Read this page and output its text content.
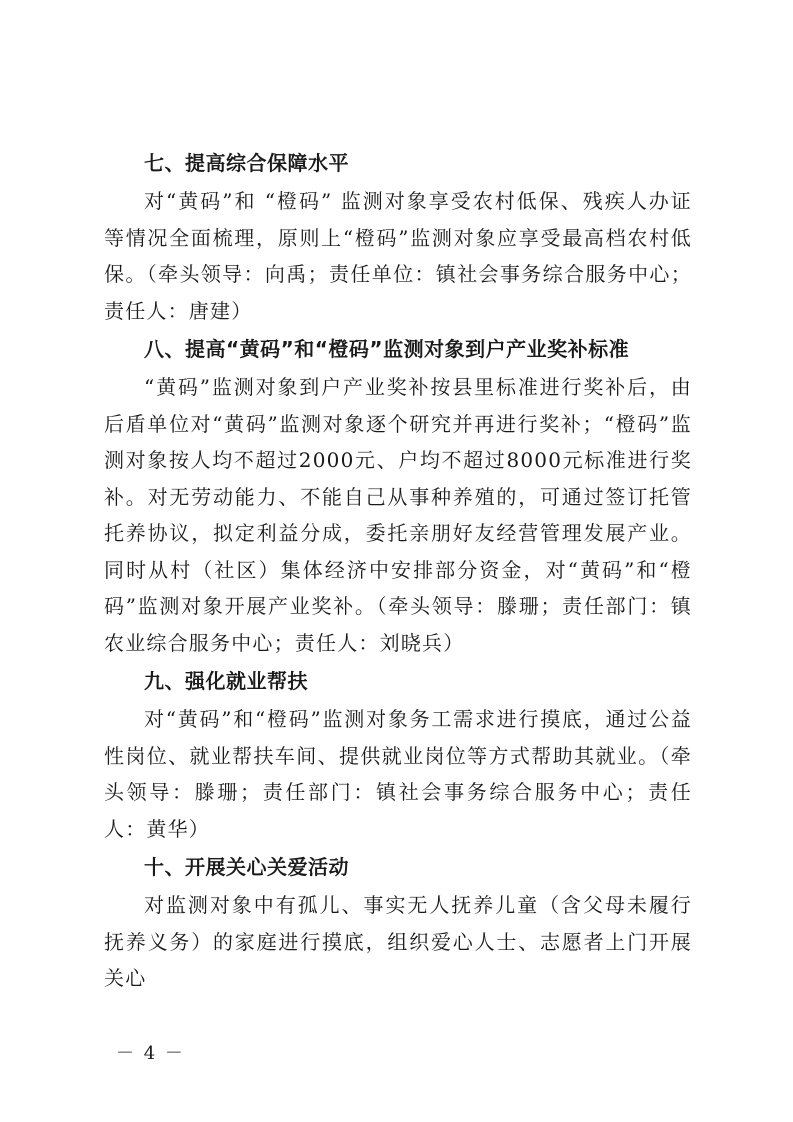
七、提高综合保障水平

对“黄码”和 “橙码” 监测对象享受农村低保、残疾人办证等情况全面梳理，原则上“橙码”监测对象应享受最高档农村低保。（牵头领导：向禹；责任单位：镇社会事务综合服务中心；责任人：唐建）

八、提高“黄码”和“橙码”监测对象到户产业奖补标准

“黄码”监测对象到户产业奖补按县里标准进行奖补后，由后盾单位对“黄码”监测对象逐个研究并再进行奖补；“橙码”监测对象按人均不超过2000元、户均不超过8000元标准进行奖补。对无劳动能力、不能自己从事种养殖的，可通过签订托管托养协议，拟定利益分成，委托亲朋好友经营管理发展产业。同时从村（社区）集体经济中安排部分资金，对“黄码”和“橙码”监测对象开展产业奖补。（牵头领导：滕珊；责任部门：镇农业综合服务中心；责任人：刘晓兵）

九、强化就业帮扶

对“黄码”和“橙码”监测对象务工需求进行摸底，通过公益性岗位、就业帮扶车间、提供就业岗位等方式帮助其就业。（牵头领导：滕珊；责任部门：镇社会事务综合服务中心；责任人：黄华）

十、开展关心关爱活动

对监测对象中有孤儿、事实无人抚养儿童（含父母未履行抚养义务）的家庭进行摸底，组织爱心人士、志愿者上门开展关心

－ 4 －
